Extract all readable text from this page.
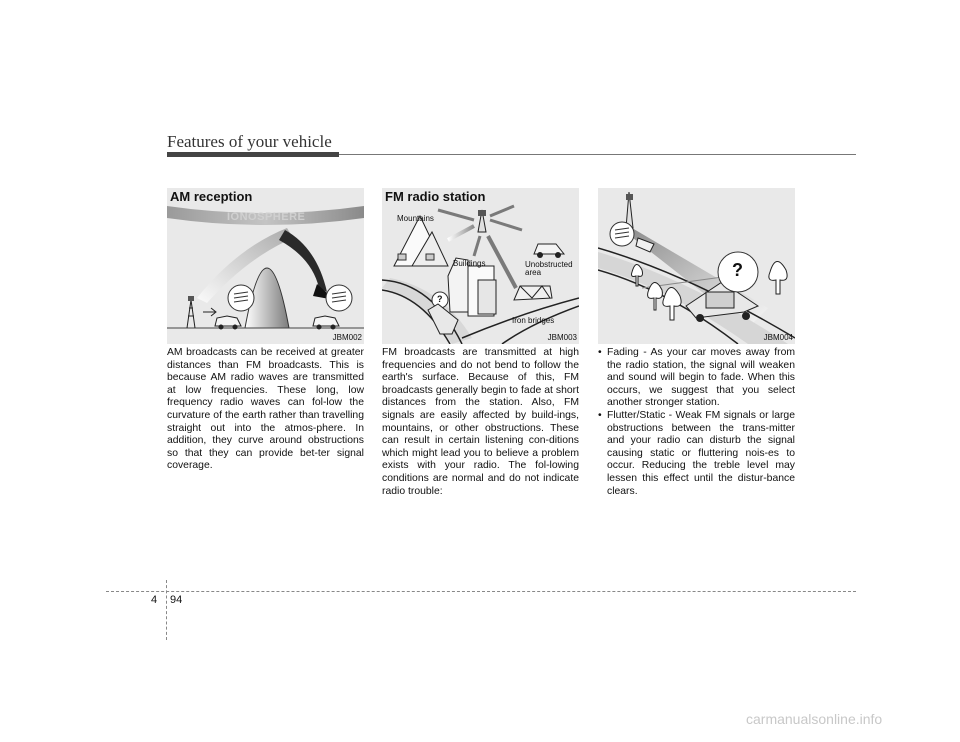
Features of your vehicle
AM reception
IONOSPHERE
JBM002
FM radio station
Mountains
Buildings	Unobstructed area
Iron bridges
?
JBM003
?
JBM004

AM broadcasts can be received at greater distances than FM broadcasts. This is because AM radio waves are transmitted at low frequencies. These long, low frequency radio waves can fol-low the curvature of the earth rather than travelling straight out into the atmos-phere. In addition, they curve around obstructions so that they can provide bet-ter signal coverage.

FM broadcasts are transmitted at high frequencies and do not bend to follow the earth's surface. Because of this, FM broadcasts generally begin to fade at short distances from the station. Also, FM signals are easily affected by build-ings, mountains, or other obstructions. These can result in certain listening con-ditions which might lead you to believe a problem exists with your radio. The fol-lowing conditions are normal and do not indicate radio trouble:

• Fading - As your car moves away from the radio station, the signal will weaken and sound will begin to fade. When this occurs, we suggest that you select another stronger station.
• Flutter/Static - Weak FM signals or large obstructions between the trans-mitter and your radio can disturb the signal causing static or fluttering nois-es to occur. Reducing the treble level may lessen this effect until the distur-bance clears.
4 94
carmanualsonline.info
